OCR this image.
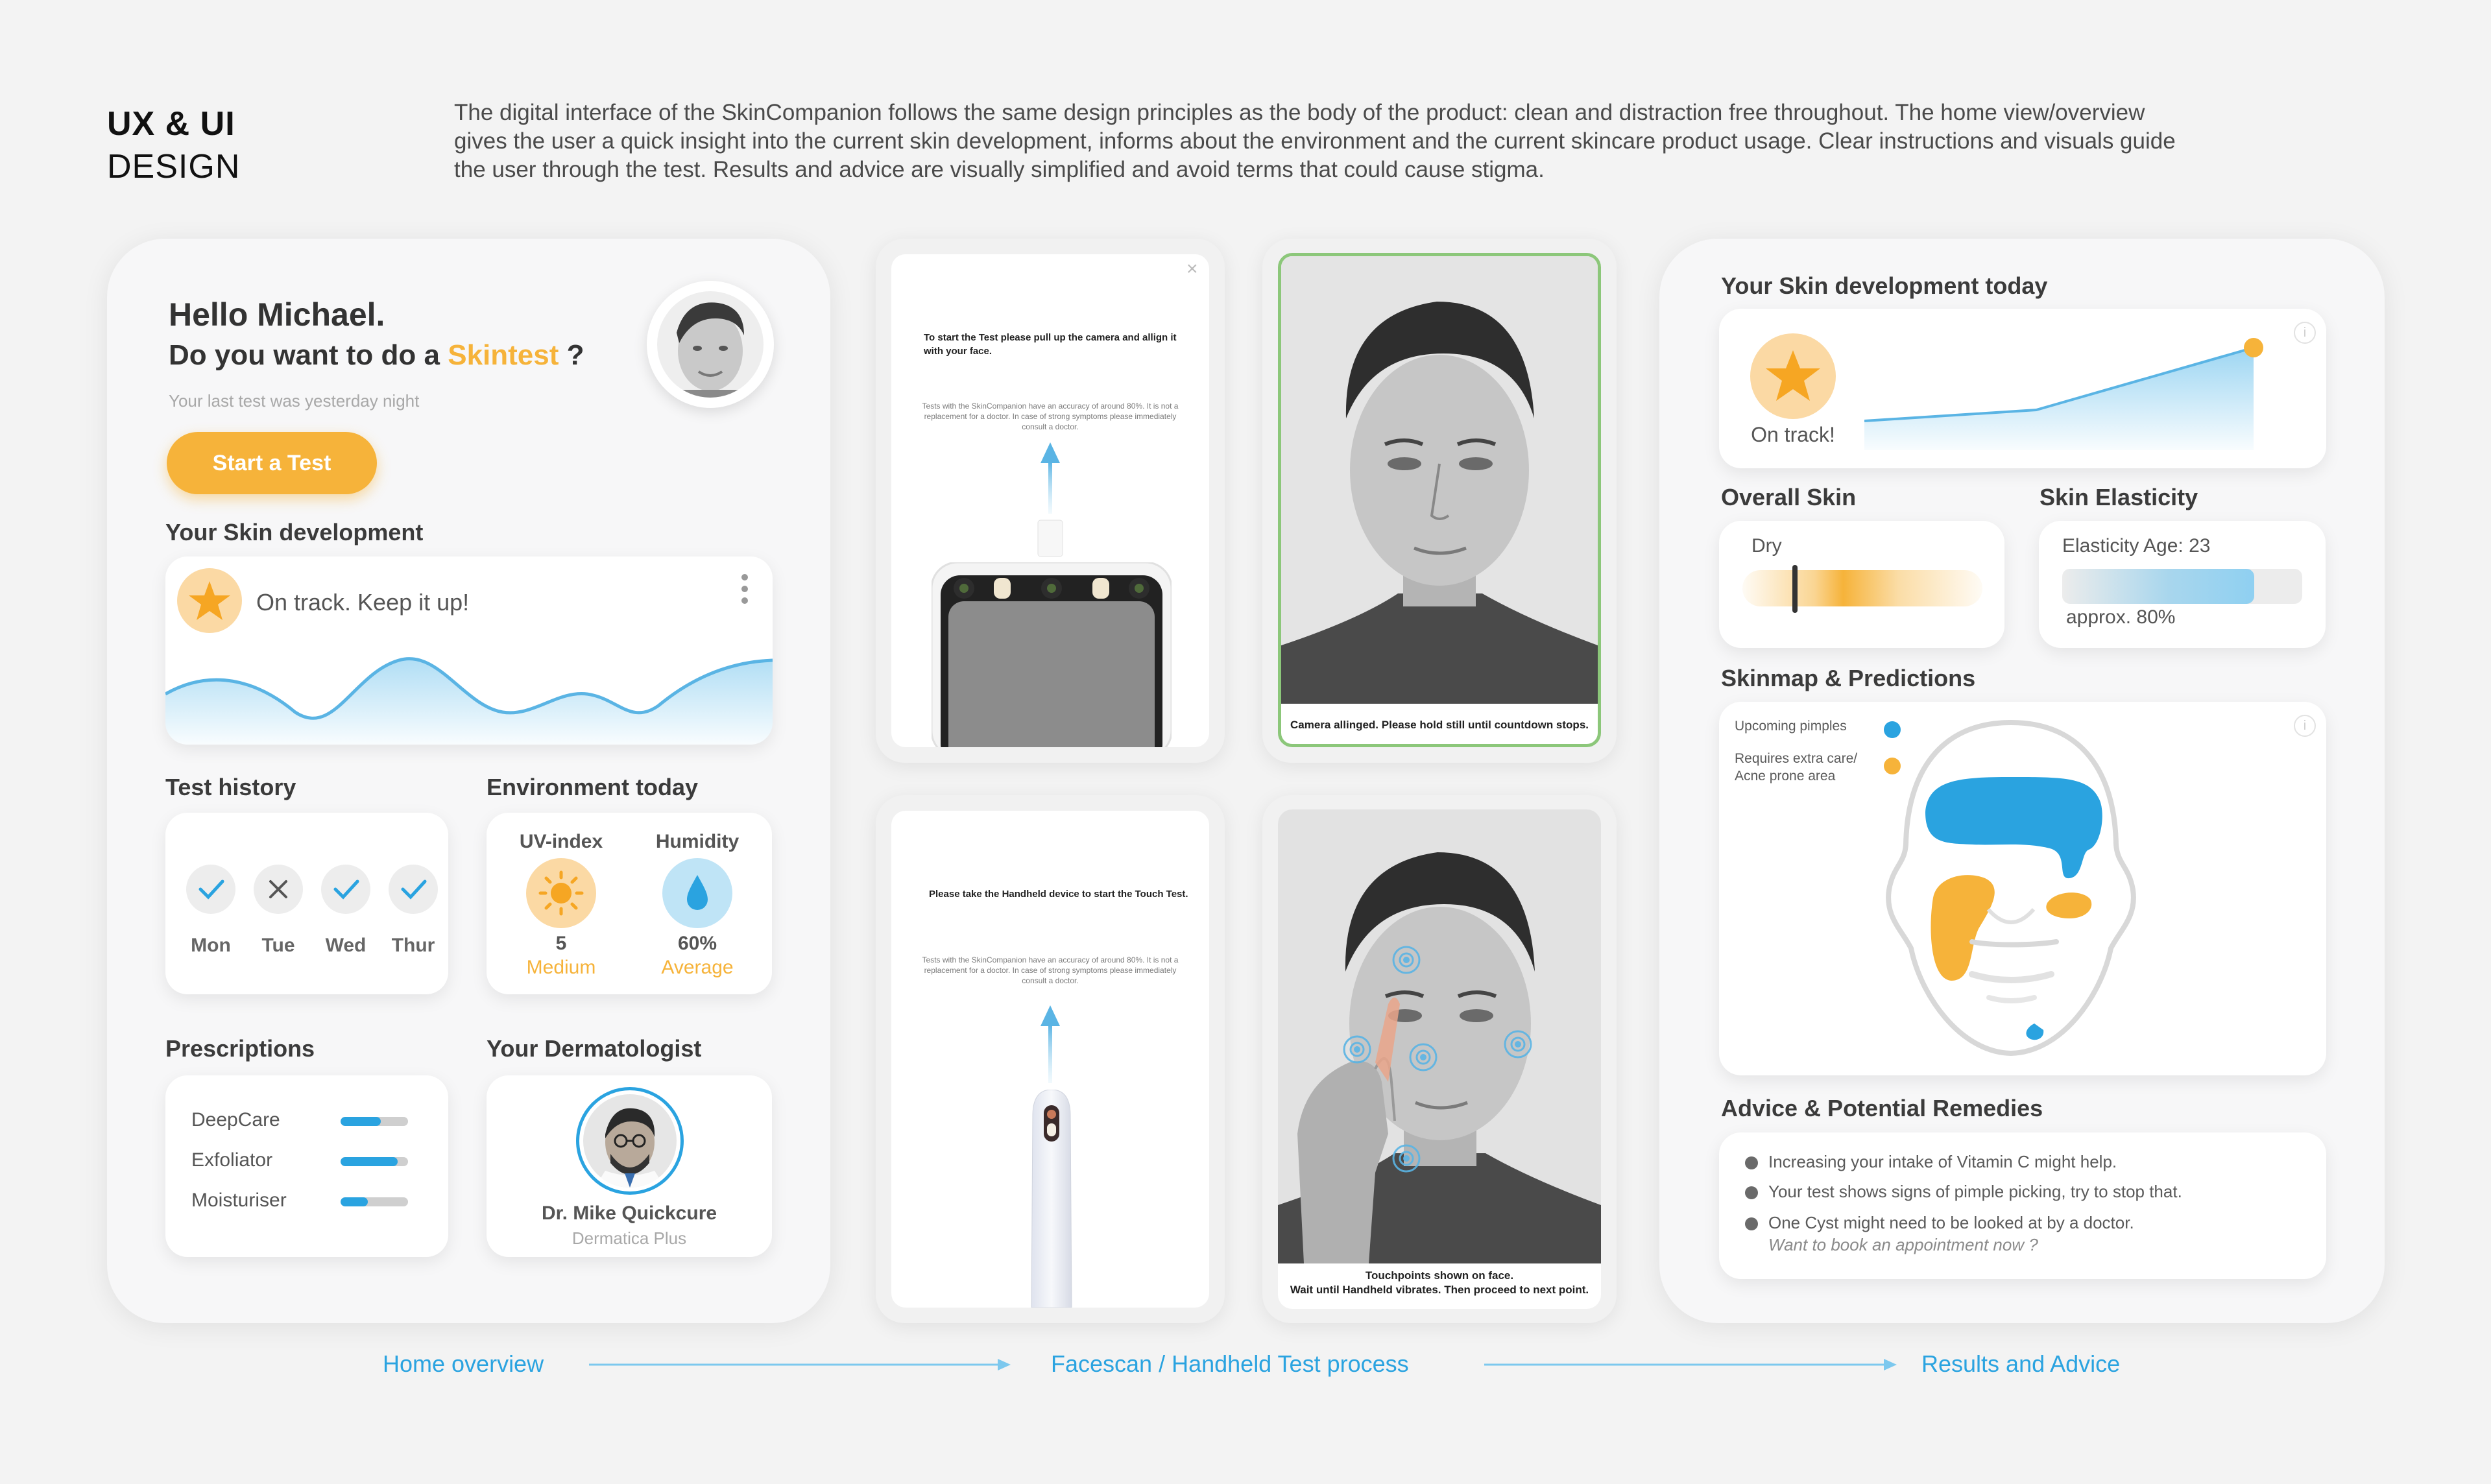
UX & UI
DESIGN
The digital interface of the SkinCompanion follows the same design principles as the body of the product: clean and distraction free throughout. The home view/overview gives the user a quick insight into the current skin development, informs about the environment and the current skincare product usage. Clear instructions and visuals guide the user through the test. Results and advice are visually simplified and avoid terms that could cause stigma.
Hello Michael.
Do you want to do a Skintest ?
Your last test was yesterday night
Start a Test
Your Skin development
On track. Keep it up!
Test history
Mon	Tue	Wed	Thur
Environment today
UV-index
5
Medium
Humidity
60%
Average
Prescriptions
DeepCare
Exfoliator
Moisturiser
Your Dermatologist
Dr. Mike Quickcure
Dermatica Plus
×
To start the Test please pull up the camera and allign it with your face.
Tests with the SkinCompanion have an accuracy of around 80%. It is not a replacement for a doctor. In case of strong symptoms please immediately consult a doctor.
Camera allinged. Please hold still until countdown stops.
Please take the Handheld device to start the Touch Test.
Tests with the SkinCompanion have an accuracy of around 80%. It is not a replacement for a doctor. In case of strong symptoms please immediately consult a doctor.
Touchpoints shown on face.
Wait until Handheld vibrates. Then proceed to next point.
Your Skin development today
On track!
i
Overall Skin
Dry
Skin Elasticity
Elasticity Age: 23
approx. 80%
Skinmap & Predictions
Upcoming pimples
Requires extra care/ Acne prone area
i
Advice & Potential Remedies
Increasing your intake of Vitamin C might help.
Your test shows signs of pimple picking, try to stop that.
One Cyst might need to be looked at by a doctor.
Want to book an appointment now ?
Home overview	Facescan / Handheld Test process	Results and Advice
